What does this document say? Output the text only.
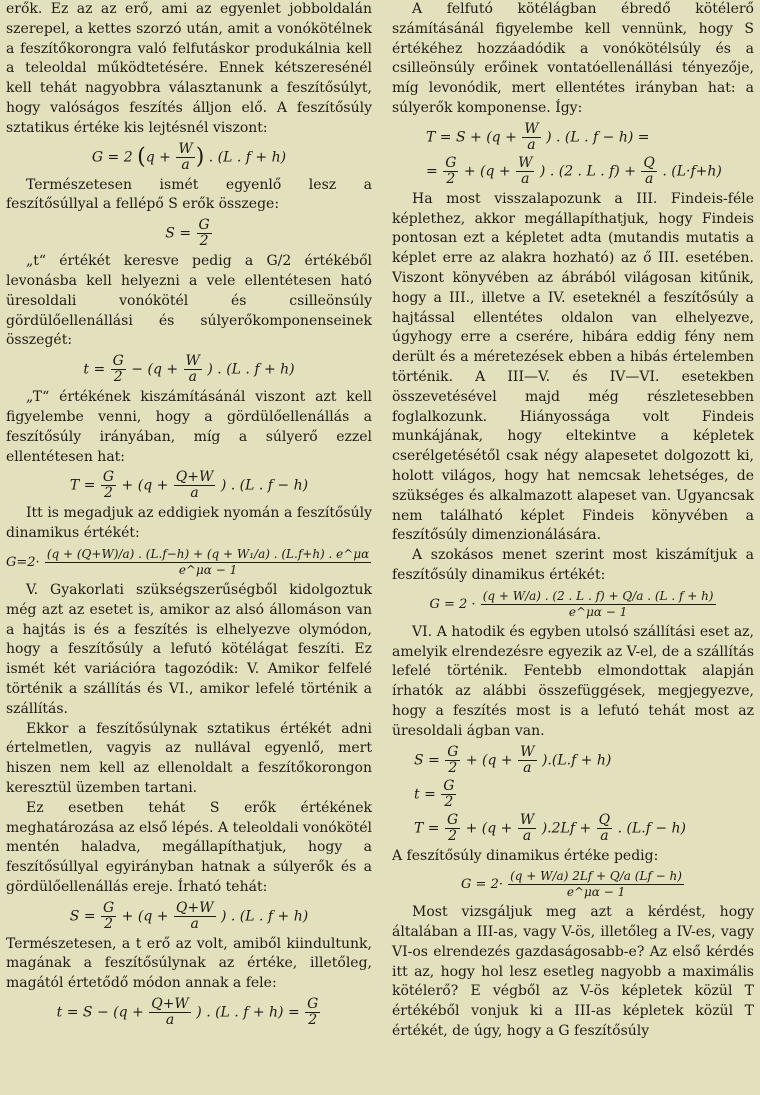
erők. Ez az az erő, ami az egyenlet jobboldalán szerepel, a kettes szorzó után, amit a vonókötélnek a feszítőkorongra való felfutáskor produkálnia kell a teleoldal működtetésére. Ennek kétszeresénél kell tehát nagyobbra választanunk a feszítősúlyt, hogy valóságos feszítés álljon elő. A feszítősúly sztatikus értéke kis lejtésnél viszont:

G = 2 ($q + \frac{W}{a}$ ) . (L . f + h)

Természetesen ismét egyenlő lesz a feszítősúllyal a fellépő S erők összege:

$S = \frac{G}{2}$

„t“ értékét keresve pedig a G/2 értékéből levonásba kell helyezni a vele ellentétesen ható üresoldali vonókötél és csilleönsúly gördülőellenállási és súlyerőkomponenseinek összegét:

$t = \frac{G}{2} - (q + \frac{W}{a}$ ) . (L . f + h)

„T“ értékének kiszámításánál viszont azt kell figyelembe venni, hogy a gördülőellenállás a feszítősúly irányában, míg a súlyerő ezzel ellentétesen hat:

$T = \frac{G}{2} + (q + \frac{Q+W}{a}$ ) . (L . f − h)

Itt is megadjuk az eddigiek nyomán a feszítősúly dinamikus értékét:

$G=2\cdot \frac{\text{(q + (Q+W)/a) . (L.f−h) + (q + W₁/a) . (L.f+h) . e\textasciicircum{}μα}}{e\^{}\mu\alpha - 1}$

V. Gyakorlati szükségszerűségből kidolgoztuk még azt az esetet is, amikor az alsó állomáson van a hajtás is és a feszítés is elhelyezve olymódon, hogy a feszítősúly a lefutó kötélágat feszíti. Ez ismét két variációra tagozódik: V. Amikor felfelé történik a szállítás és VI., amikor lefelé történik a szállítás.

Ekkor a feszítősúlynak sztatikus értékét adni értelmetlen, vagyis az nullával egyenlő, mert hiszen nem kell az ellenoldalt a feszítőkorongon keresztül üzemben tartani.

Ez esetben tehát S erők értékének meghatározása az első lépés. A teleoldali vonókötél mentén haladva, megállapíthatjuk, hogy a feszítősúllyal egyirányban hatnak a súlyerők és a gördülőellenállás ereje. Írható tehát:

$S = \frac{G}{2} + (q + \frac{Q+W}{a}$ ) . (L . f + h)

Természetesen, a t erő az volt, amiből kiindultunk, magának a feszítősúlynak az értéke, illetőleg, magától értetődő módon annak a fele:

$t = S - (q + \frac{Q+W}{a}$ ) . (L . $f + h) = \frac{G}{2}$

A felfutó kötélágban ébredő kötélerő számításánál figyelembe kell vennünk, hogy S értékéhez hozzáadódik a vonókötélsúly és a csilleönsúly erőinek vontatóellenállási tényezője, míg levonódik, mert ellentétes irányban hat: a súlyerők komponense. Így:

$T = S + (q + \frac{W}{a}$ ) . (L . f − h) =
= $\frac{G}{2} + (q + \frac{W}{a}$ ) . (2 . L . $f) + \frac{Q}{a}$ . (L·f+h)

Ha most visszalapozunk a III. Findeis-féle képlethez, akkor megállapíthatjuk, hogy Findeis pontosan ezt a képletet adta (mutandis mutatis a képlet erre az alakra hozható) az ő III. esetében. Viszont könyvében az ábrából világosan kitűnik, hogy a III., illetve a IV. eseteknél a feszítősúly a hajtással ellentétes oldalon van elhelyezve, úgyhogy erre a cserére, hibára eddig fény nem derült és a méretezések ebben a hibás értelemben történik. A III—V. és IV—VI. esetekben összevetésével majd még részletesebben foglalkozunk. Hiányossága volt Findeis munkájának, hogy eltekintve a képletek cserélgetésétől csak négy alapesetet dolgozott ki, holott világos, hogy hat nemcsak lehetséges, de szükséges és alkalmazott alapeset van. Ugyancsak nem található képlet Findeis könyvében a feszítősúly dimenzionálására.

A szokásos menet szerint most kiszámítjuk a feszítősúly dinamikus értékét:

$G = 2 \cdot \frac{(q + W/a) . (2 . L . f) + Q/a . (L . f + h)}{e\^{}\mu\alpha - 1}$

VI. A hatodik és egyben utolsó szállítási eset az, amelyik elrendezésre egyezik az V-el, de a szállítás lefelé történik. Fentebb elmondottak alapján írhatók az alábbi összefüggések, megjegyezve, hogy a feszítés most is a lefutó tehát most az üresoldali ágban van.

$S = \frac{G}{2} + (q + \frac{W}{a} ).(L.f + h)$
$t = \frac{G}{2}$
$T = \frac{G}{2} + (q + \frac{W}{a} ).2Lf + \frac{Q}{a}$ . (L.f − h)

A feszítősúly dinamikus értéke pedig:

$G = 2\cdot \frac{(q + W/a) 2Lf + Q/a (Lf - h)}{e\^{}\mu\alpha - 1}$

Most vizsgáljuk meg azt a kérdést, hogy általában a III-as, vagy V-ös, illetőleg a IV-es, vagy VI-os elrendezés gazdaságosabb-e? Az első kérdés itt az, hogy hol lesz esetleg nagyobb a maximális kötélerő? E végből az V-ös képletek közül T értékéből vonjuk ki a III-as képletek közül T értékét, de úgy, hogy a G feszítősúly
